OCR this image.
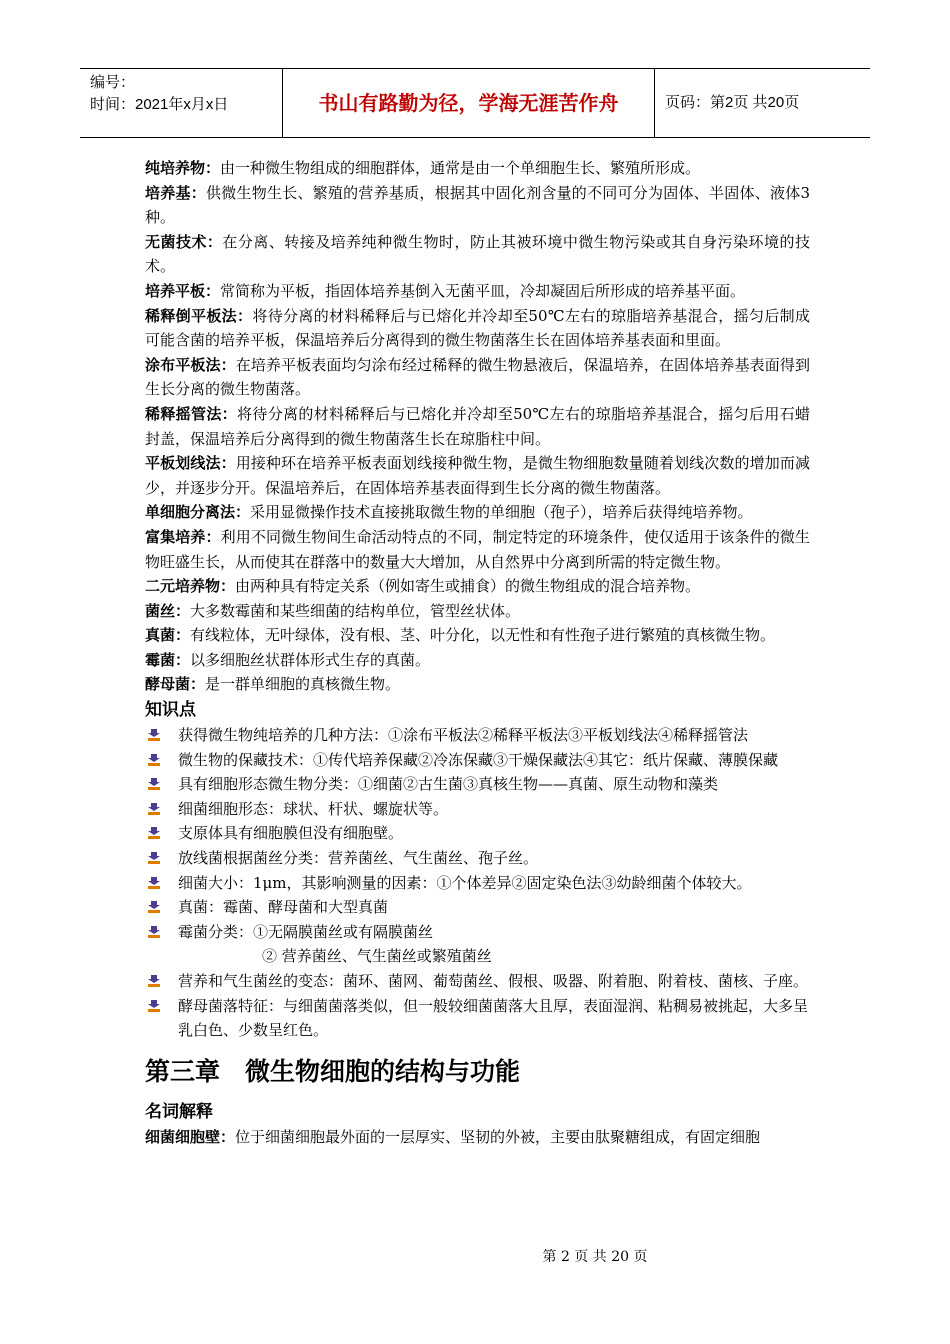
编号：
时间：2021年x月x日	书山有路勤为径，学海无涯苦作舟	页码：第2页 共20页

纯培养物：由一种微生物组成的细胞群体，通常是由一个单细胞生长、繁殖所形成。

培养基：供微生物生长、繁殖的营养基质，根据其中固化剂含量的不同可分为固体、半固体、液体3种。

无菌技术：在分离、转接及培养纯种微生物时，防止其被环境中微生物污染或其自身污染环境的技术。

培养平板：常简称为平板，指固体培养基倒入无菌平皿，冷却凝固后所形成的培养基平面。

稀释倒平板法：将待分离的材料稀释后与已熔化并冷却至50℃左右的琼脂培养基混合，摇匀后制成可能含菌的培养平板，保温培养后分离得到的微生物菌落生长在固体培养基表面和里面。

涂布平板法：在培养平板表面均匀涂布经过稀释的微生物悬液后，保温培养，在固体培养基表面得到生长分离的微生物菌落。

稀释摇管法：将待分离的材料稀释后与已熔化并冷却至50℃左右的琼脂培养基混合，摇匀后用石蜡封盖，保温培养后分离得到的微生物菌落生长在琼脂柱中间。

平板划线法：用接种环在培养平板表面划线接种微生物，是微生物细胞数量随着划线次数的增加而减少，并逐步分开。保温培养后，在固体培养基表面得到生长分离的微生物菌落。

单细胞分离法：采用显微操作技术直接挑取微生物的单细胞（孢子），培养后获得纯培养物。

富集培养：利用不同微生物间生命活动特点的不同，制定特定的环境条件，使仅适用于该条件的微生物旺盛生长，从而使其在群落中的数量大大增加，从自然界中分离到所需的特定微生物。

二元培养物：由两种具有特定关系（例如寄生或捕食）的微生物组成的混合培养物。

菌丝：大多数霉菌和某些细菌的结构单位，管型丝状体。

真菌：有线粒体，无叶绿体，没有根、茎、叶分化，以无性和有性孢子进行繁殖的真核微生物。

霉菌：以多细胞丝状群体形式生存的真菌。

酵母菌：是一群单细胞的真核微生物。

知识点

获得微生物纯培养的几种方法：①涂布平板法②稀释平板法③平板划线法④稀释摇管法
微生物的保藏技术：①传代培养保藏②冷冻保藏③干燥保藏法④其它：纸片保藏、薄膜保藏
具有细胞形态微生物分类：①细菌②古生菌③真核生物——真菌、原生动物和藻类
细菌细胞形态：球状、杆状、螺旋状等。
支原体具有细胞膜但没有细胞壁。
放线菌根据菌丝分类：营养菌丝、气生菌丝、孢子丝。
细菌大小：1μm，其影响测量的因素：①个体差异②固定染色法③幼龄细菌个体较大。
真菌：霉菌、酵母菌和大型真菌
霉菌分类：①无隔膜菌丝或有隔膜菌丝
② 营养菌丝、气生菌丝或繁殖菌丝
营养和气生菌丝的变态：菌环、菌网、葡萄菌丝、假根、吸器、附着胞、附着枝、菌核、子座。
酵母菌落特征：与细菌菌落类似，但一般较细菌菌落大且厚，表面湿润、粘稠易被挑起，大多呈乳白色、少数呈红色。
第三章　微生物细胞的结构与功能

名词解释

细菌细胞壁：位于细菌细胞最外面的一层厚实、坚韧的外被，主要由肽聚糖组成，有固定细胞

第 2 页 共 20 页
